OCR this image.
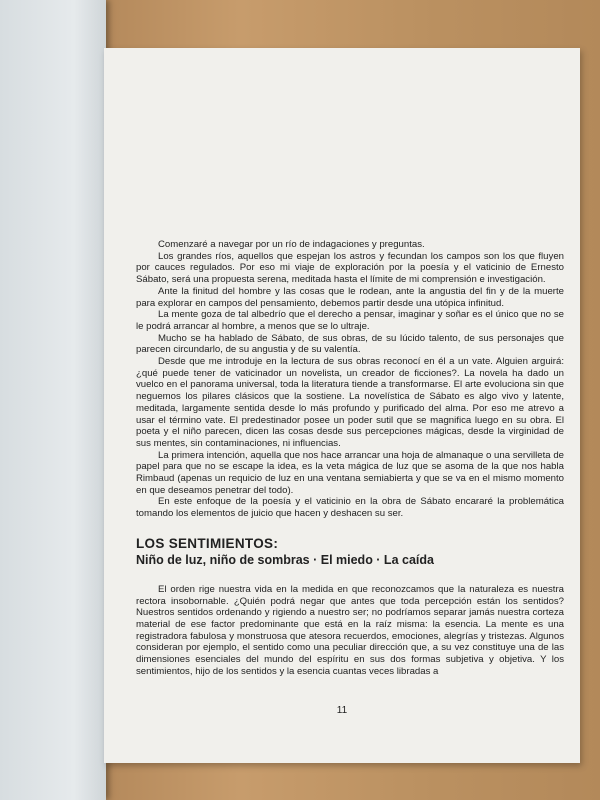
Comenzaré a navegar por un río de indagaciones y preguntas.

Los grandes ríos, aquellos que espejan los astros y fecundan los campos son los que fluyen por cauces regulados. Por eso mi viaje de exploración por la poesía y el vaticinio de Ernesto Sábato, será una propuesta serena, meditada hasta el límite de mi comprensión e investigación.

Ante la finitud del hombre y las cosas que le rodean, ante la angustia del fin y de la muerte para explorar en campos del pensamiento, debemos partir desde una utópica infinitud.

La mente goza de tal albedrío que el derecho a pensar, imaginar y soñar es el único que no se le podrá arrancar al hombre, a menos que se lo ultraje.

Mucho se ha hablado de Sábato, de sus obras, de su lúcido talento, de sus personajes que parecen circundarlo, de su angustia y de su valentía.

Desde que me introduje en la lectura de sus obras reconocí en él a un vate. Alguien arguirá: ¿qué puede tener de vaticinador un novelista, un creador de ficciones?. La novela ha dado un vuelco en el panorama universal, toda la literatura tiende a transformarse. El arte evoluciona sin que neguemos los pilares clásicos que la sostiene. La novelística de Sábato es algo vivo y latente, meditada, largamente sentida desde lo más profundo y purificado del alma. Por eso me atrevo a usar el término vate. El predestinador posee un poder sutil que se magnifica luego en su obra. El poeta y el niño parecen, dicen las cosas desde sus percepciones mágicas, desde la virginidad de sus mentes, sin contaminaciones, ni influencias.

La primera intención, aquella que nos hace arrancar una hoja de almanaque o una servilleta de papel para que no se escape la idea, es la veta mágica de luz que se asoma de la que nos habla Rimbaud (apenas un requicio de luz en una ventana semiabierta y que se va en el mismo momento en que deseamos penetrar del todo).

En este enfoque de la poesía y el vaticinio en la obra de Sábato encararé la problemática tomando los elementos de juicio que hacen y deshacen su ser.

LOS SENTIMIENTOS:
Niño de luz, niño de sombras · El miedo · La caída

El orden rige nuestra vida en la medida en que reconozcamos que la naturaleza es nuestra rectora insobornable. ¿Quién podrá negar que antes que toda percepción están los sentidos? Nuestros sentidos ordenando y rigiendo a nuestro ser; no podríamos separar jamás nuestra corteza material de ese factor predominante que está en la raíz misma: la esencia. La mente es una registradora fabulosa y monstruosa que atesora recuerdos, emociones, alegrías y tristezas. Algunos consideran por ejemplo, el sentido como una peculiar dirección que, a su vez constituye una de las dimensiones esenciales del mundo del espíritu en sus dos formas subjetiva y objetiva. Y los sentimientos, hijo de los sentidos y la esencia cuantas veces libradas a

11
